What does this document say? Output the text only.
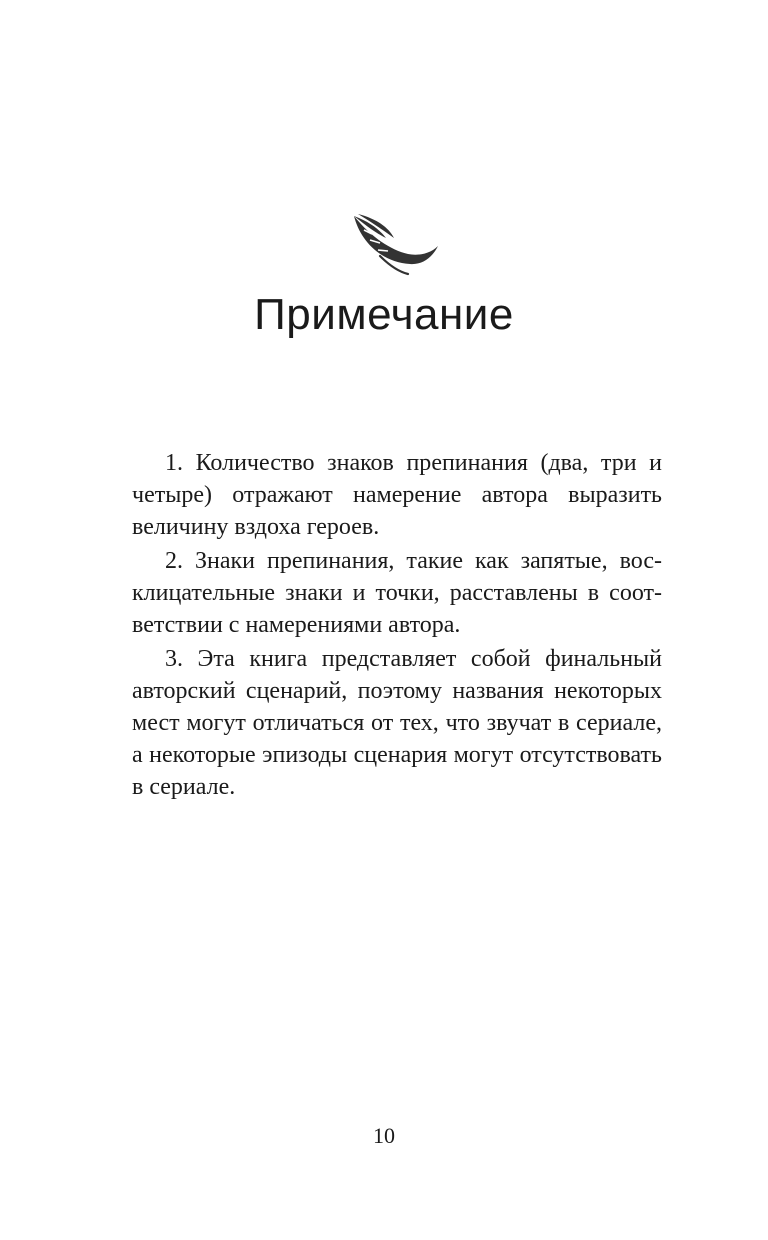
Примечание
1. Количество знаков препинания (два, три и четыре) отражают намерение автора выразить величину вздоха героев.
2. Знаки препинания, такие как запятые, восклицательные знаки и точки, расставлены в соответствии с намерениями автора.
3. Эта книга представляет собой финальный авторский сценарий, поэтому названия некоторых мест могут отличаться от тех, что звучат в сериале, а некоторые эпизоды сценария могут отсутствовать в сериале.
10
